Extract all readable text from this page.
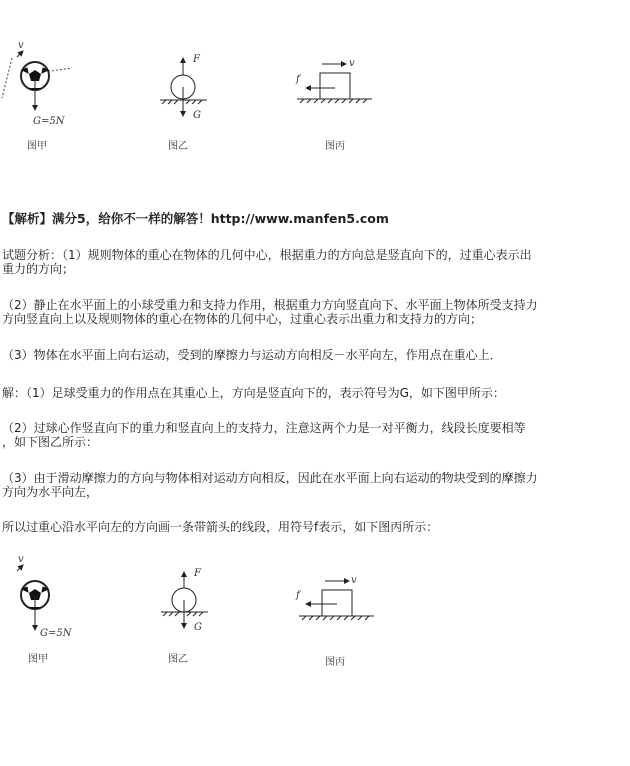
v
G=5N
图甲
F
G
图乙
v
f
图丙
【解析】满分5，给你不一样的解答！http://www.manfen5.com
试题分析：（1）规则物体的重心在物体的几何中心，根据重力的方向总是竖直向下的，过重心表示出
重力的方向；
（2）静止在水平面上的小球受重力和支持力作用，根据重力方向竖直向下、水平面上物体所受支持力
方向竖直向上以及规则物体的重心在物体的几何中心，过重心表示出重力和支持力的方向；
（3）物体在水平面上向右运动，受到的摩擦力与运动方向相反－水平向左，作用点在重心上．
解：（1）足球受重力的作用点在其重心上，方向是竖直向下的，表示符号为G，如下图甲所示：
（2）过球心作竖直向下的重力和竖直向上的支持力，注意这两个力是一对平衡力，线段长度要相等
，如下图乙所示：
（3）由于滑动摩擦力的方向与物体相对运动方向相反，因此在水平面上向右运动的物块受到的摩擦力
方向为水平向左，
所以过重心沿水平向左的方向画一条带箭头的线段，用符号f表示，如下图丙所示：
v
G=5N
图甲
F
G
图乙
v
f
图丙
